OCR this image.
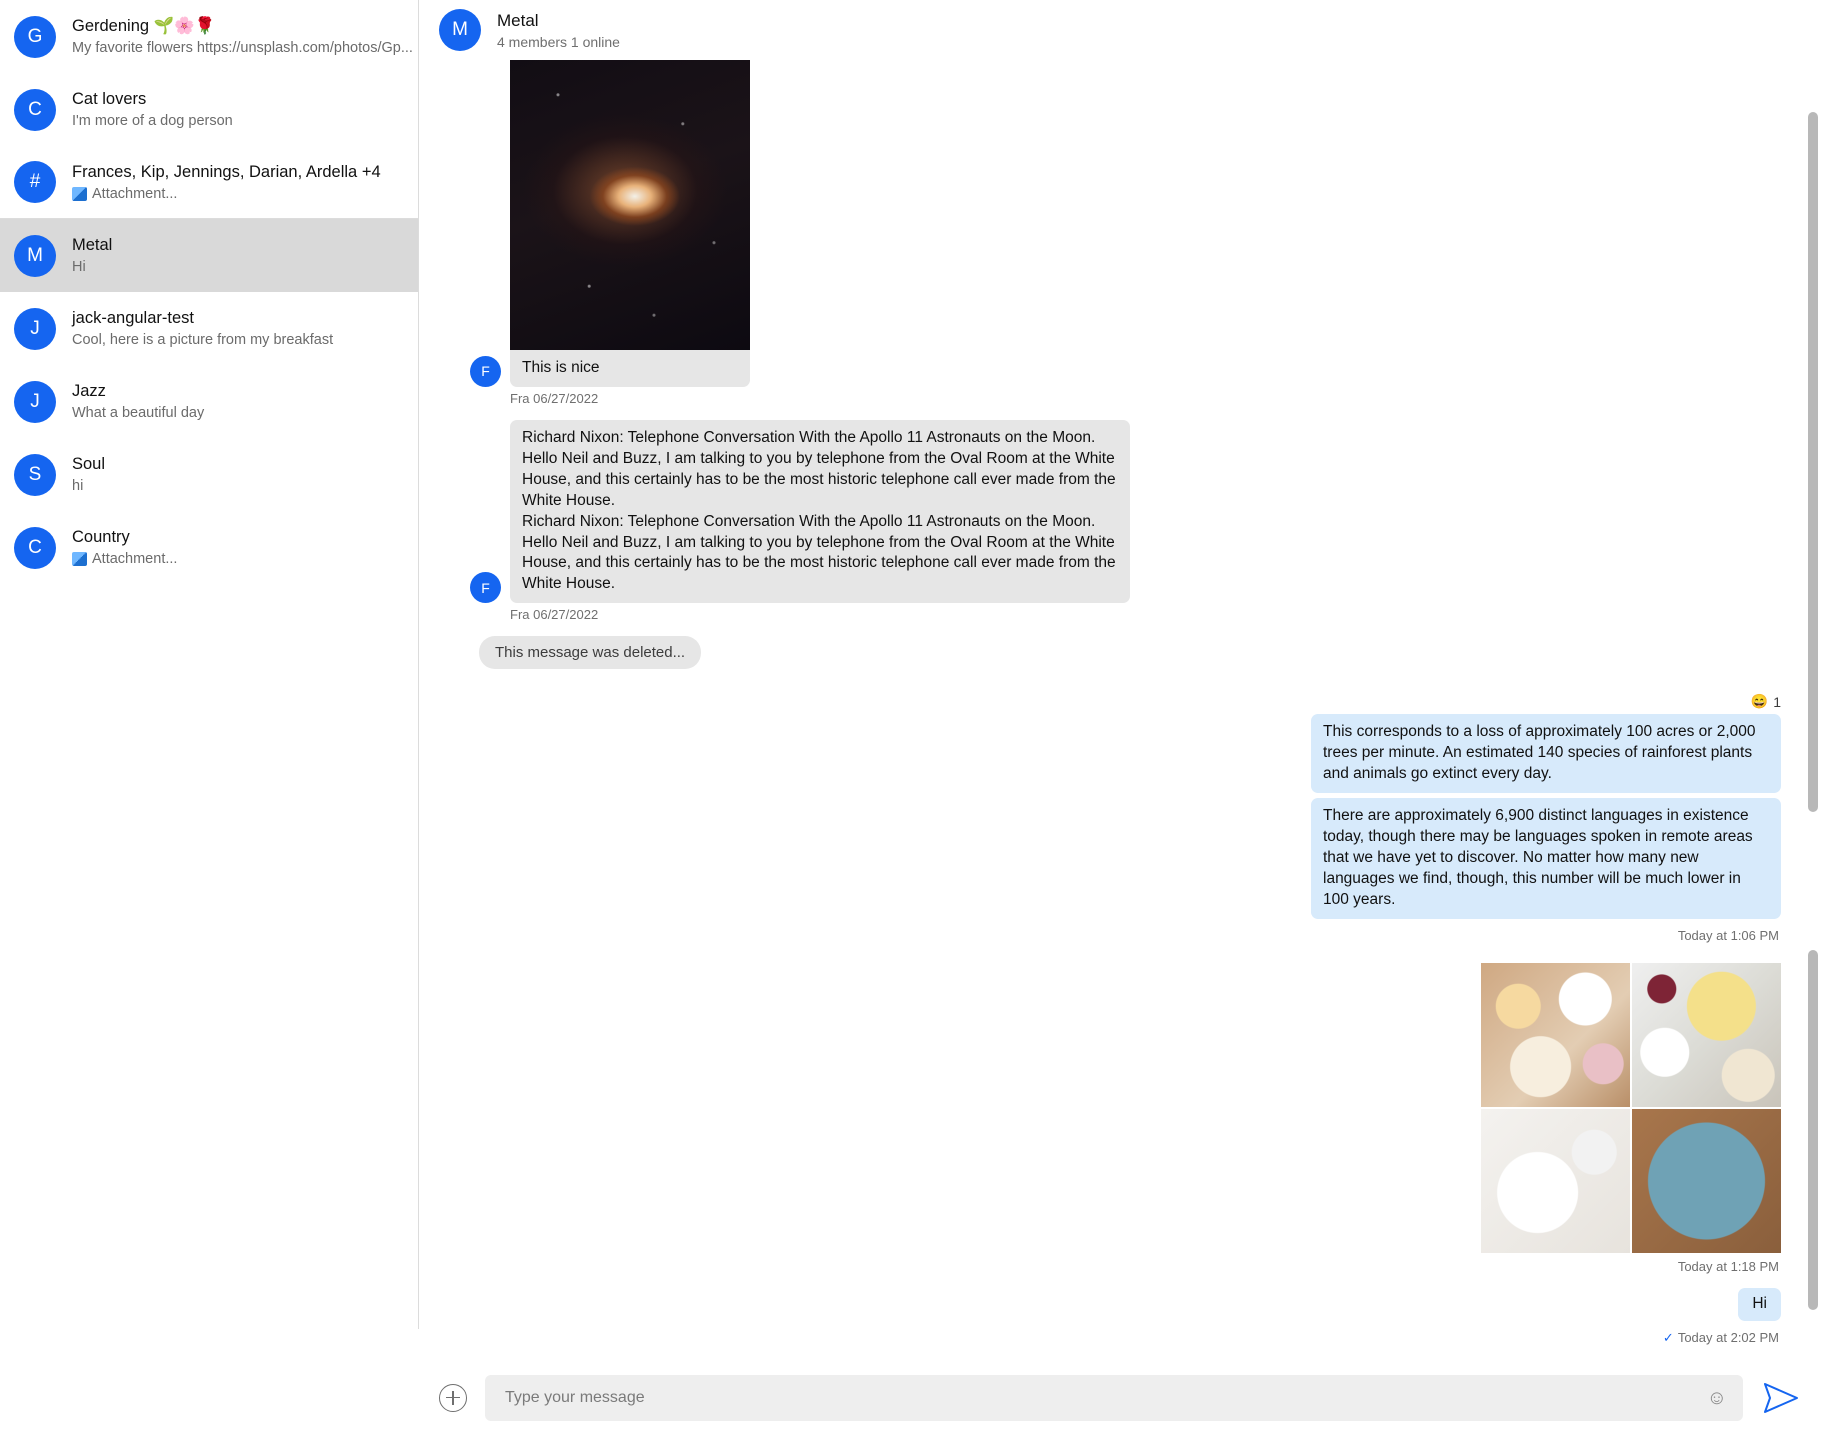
G	Gerdening 🌱🌸🌹
My favorite flowers https://unsplash.com/photos/Gp...
C	Cat lovers
I'm more of a dog person
#	Frances, Kip, Jennings, Darian, Ardella +4
Attachment...
M	Metal
Hi
J	jack-angular-test
Cool, here is a picture from my breakfast
J	Jazz
What a beautiful day
S	Soul
hi
C	Country
Attachment...
M	Metal
4 members 1 online
F	This is nice
Fra 06/27/2022
F

Richard Nixon: Telephone Conversation With the Apollo 11 Astronauts on the Moon. Hello Neil and Buzz, I am talking to you by telephone from the Oval Room at the White House, and this certainly has to be the most historic telephone call ever made from the White House.

Richard Nixon: Telephone Conversation With the Apollo 11 Astronauts on the Moon. Hello Neil and Buzz, I am talking to you by telephone from the Oval Room at the White House, and this certainly has to be the most historic telephone call ever made from the White House.

Fra 06/27/2022
This message was deleted...
😄 1
This corresponds to a loss of approximately 100 acres or 2,000 trees per minute. An estimated 140 species of rainforest plants and animals go extinct every day.
There are approximately 6,900 distinct languages in existence today, though there may be languages spoken in remote areas that we have yet to discover. No matter how many new languages we find, though, this number will be much lower in 100 years.
Today at 1:06 PM
Today at 1:18 PM
Hi
✓ Today at 2:02 PM
Type your message
☺
